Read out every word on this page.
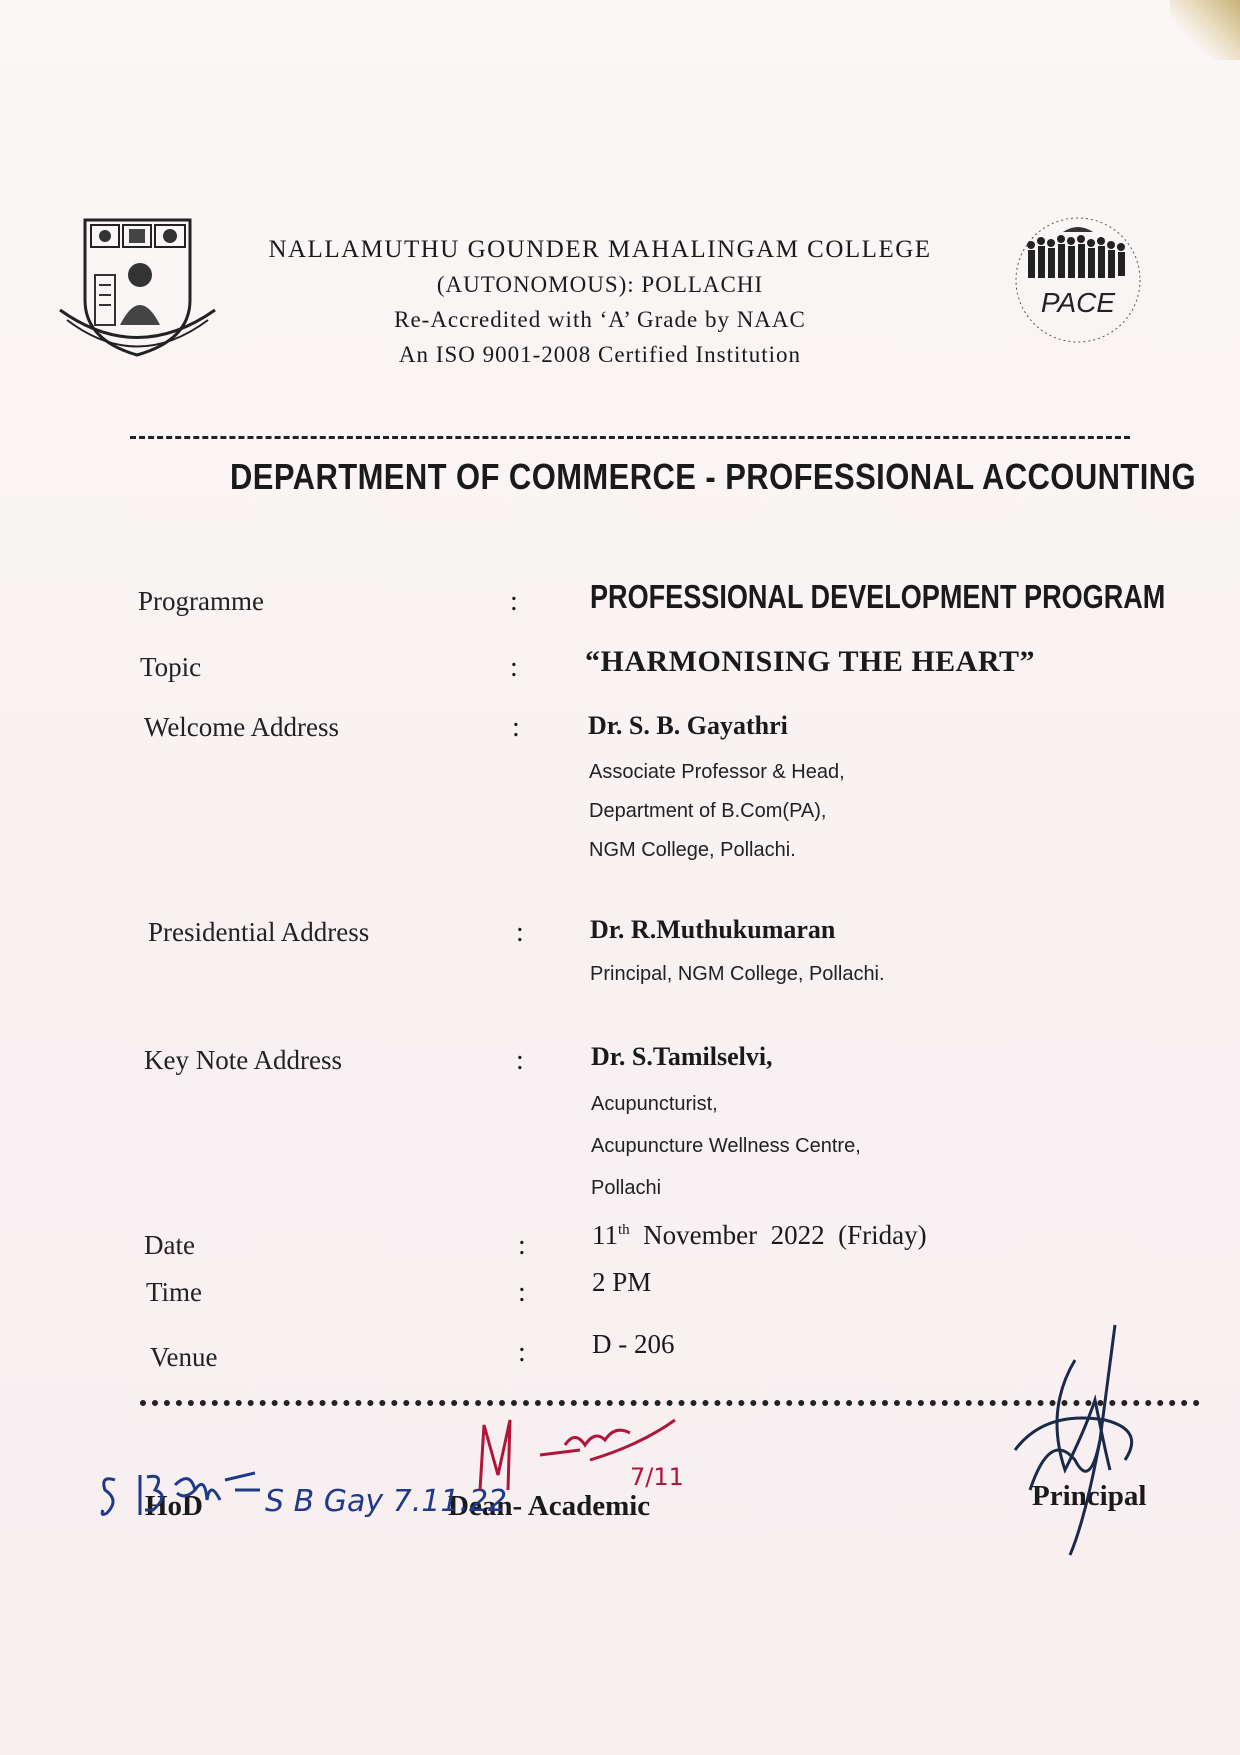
PACE
NALLAMUTHU GOUNDER MAHALINGAM COLLEGE
(AUTONOMOUS): POLLACHI
Re-Accredited with ‘A’ Grade by NAAC
An ISO 9001-2008 Certified Institution
DEPARTMENT OF COMMERCE - PROFESSIONAL ACCOUNTING
Programme	: PROFESSIONAL DEVELOPMENT PROGRAM
Topic	: “HARMONISING THE HEART”
Welcome Address	:	Dr. S. B. Gayathri
Associate Professor & Head,
Department of B.Com(PA),
NGM College, Pollachi.
Presidential Address	:	Dr. R.Muthukumaran
Principal, NGM College, Pollachi.
Key Note Address	:	Dr. S.Tamilselvi,
Acupuncturist,
Acupuncture Wellness Centre,
Pollachi
Date	: 11th November  2022  (Friday)
Time	: 2 PM
Venue	: D - 206
HoD	Dean- Academic	Principal
S B Gay 7.11.22
7/11
